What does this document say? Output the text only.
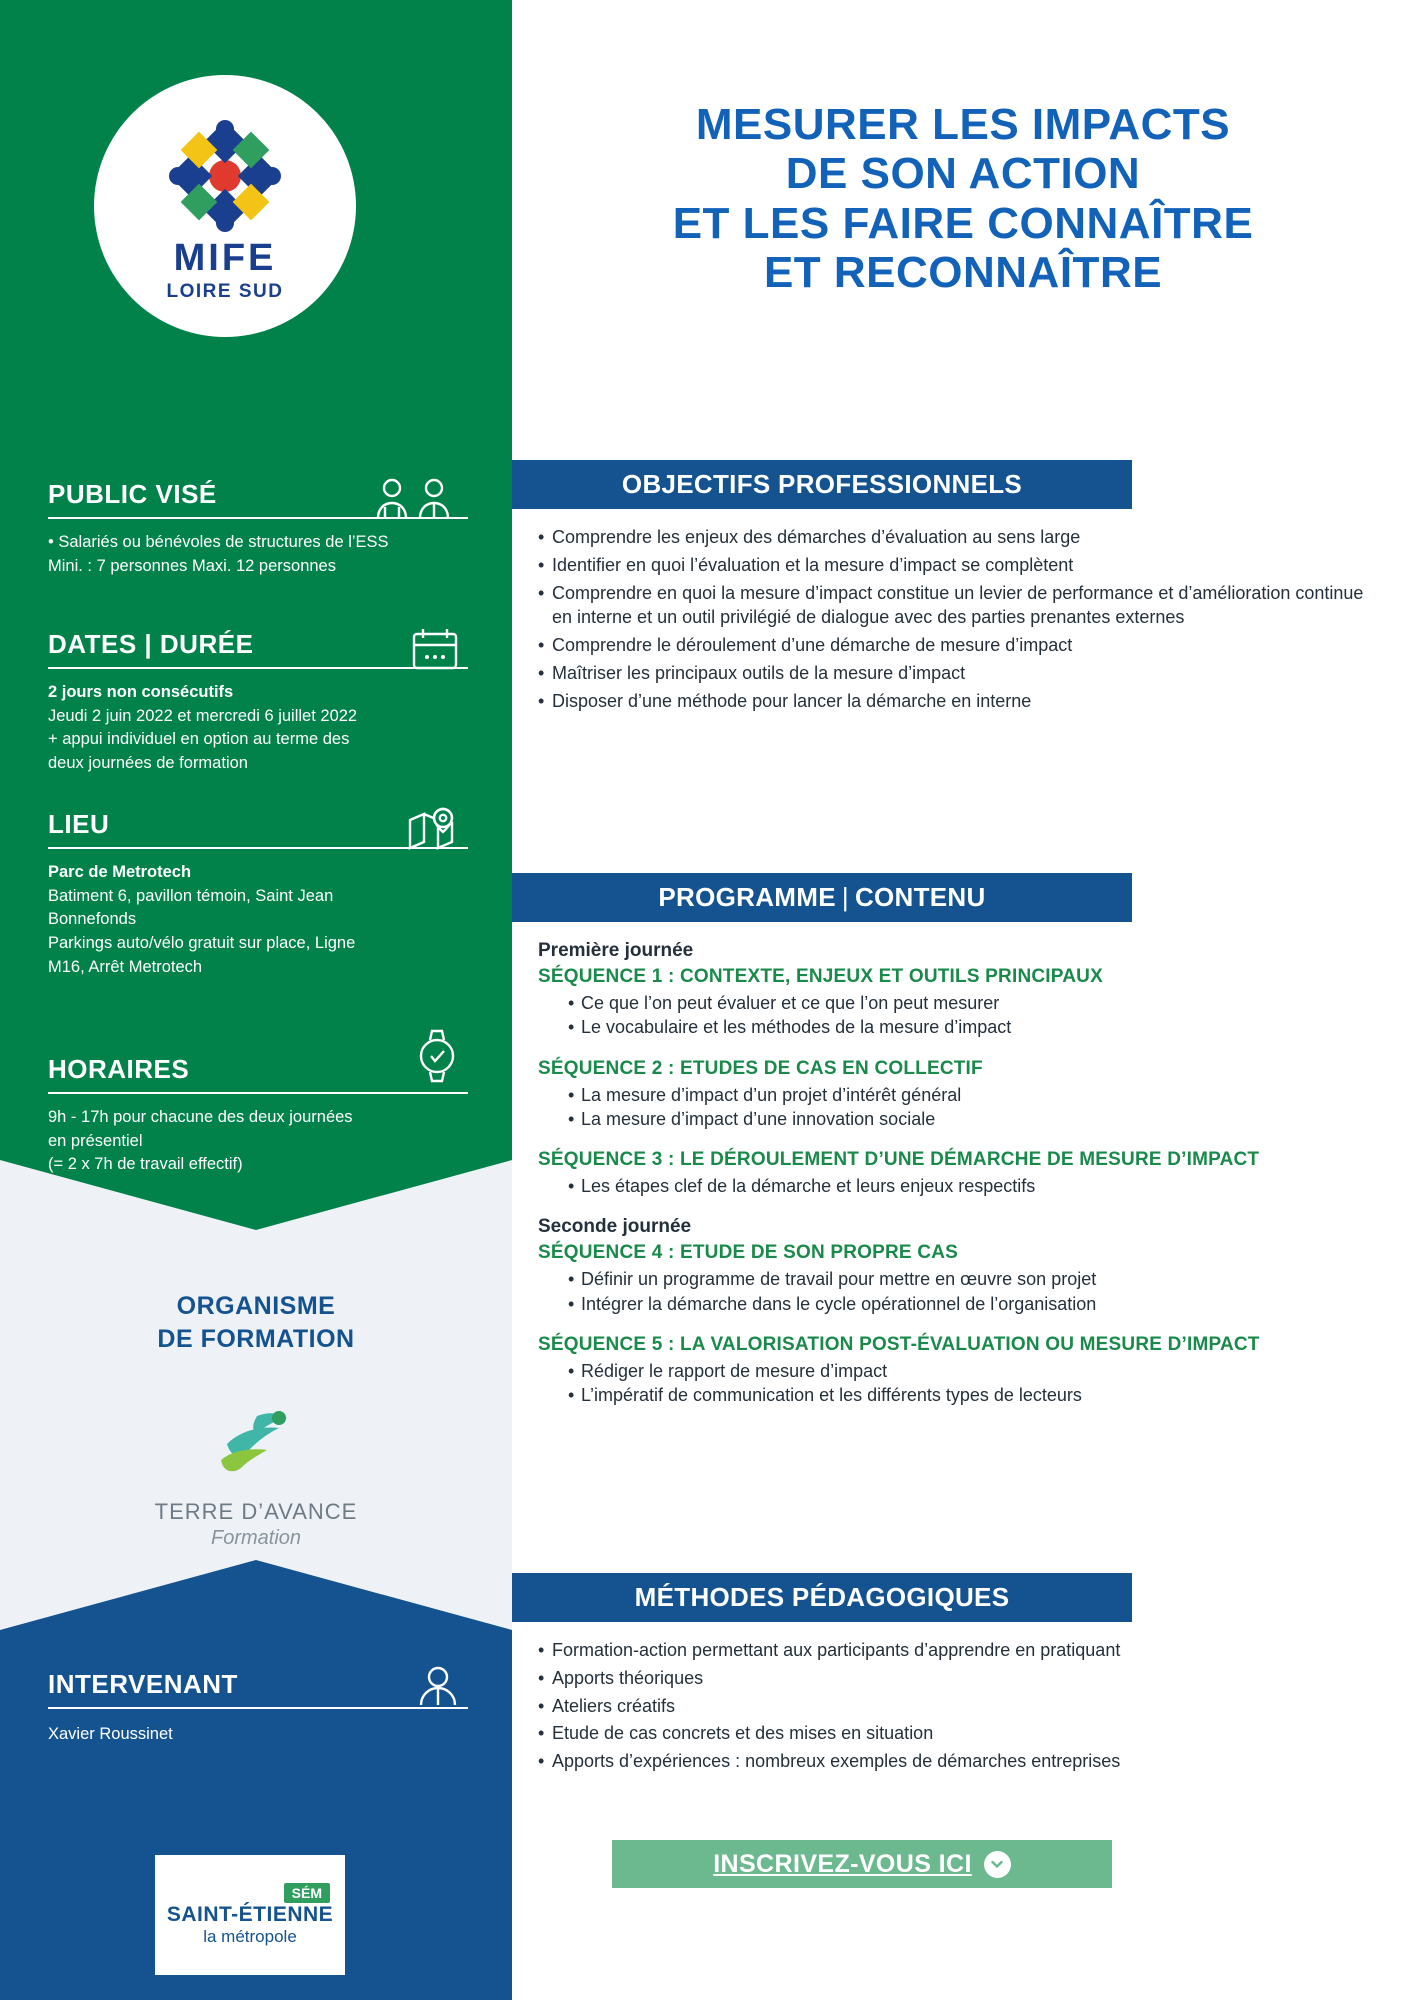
MIFE
LOIRE SUD
PUBLIC VISÉ

• Salariés ou bénévoles de structures de l’ESS

Mini. : 7 personnes Maxi. 12 personnes

DATES | DURÉE

2 jours non consécutifs

Jeudi 2 juin 2022 et mercredi 6 juillet 2022

+ appui individuel en option au terme des

deux journées de formation

LIEU

Parc de Metrotech

Batiment 6, pavillon témoin, Saint Jean

Bonnefonds

Parkings auto/vélo gratuit sur place, Ligne

M16, Arrêt Metrotech

HORAIRES

9h - 17h pour chacune des deux journées

en présentiel

(= 2 x 7h de travail effectif)

ORGANISME
DE FORMATION
TERRE D’AVANCE
Formation
INTERVENANT

Xavier Roussinet

SÉM
SAINT-ÉTIENNE
la métropole
MESURER LES IMPACTS
DE SON ACTION
ET LES FAIRE CONNAÎTRE
ET RECONNAÎTRE
OBJECTIFS PROFESSIONNELS
• Comprendre les enjeux des démarches d’évaluation au sens large
• Identifier en quoi l’évaluation et la mesure d’impact se complètent
• Comprendre en quoi la mesure d’impact constitue un levier de performance et d’amélioration continue en interne et un outil privilégié de dialogue avec des parties prenantes externes
• Comprendre le déroulement d’une démarche de mesure d’impact
• Maîtriser les principaux outils de la mesure d’impact
• Disposer d’une méthode pour lancer la démarche en interne
PROGRAMME | CONTENU
Première journée
SÉQUENCE 1 : CONTEXTE, ENJEUX ET OUTILS PRINCIPAUX
• Ce que l’on peut évaluer et ce que l’on peut mesurer
• Le vocabulaire et les méthodes de la mesure d’impact
SÉQUENCE 2 : ETUDES DE CAS EN COLLECTIF
• La mesure d’impact d’un projet d’intérêt général
• La mesure d’impact d’une innovation sociale
SÉQUENCE 3 : LE DÉROULEMENT D’UNE DÉMARCHE DE MESURE D’IMPACT
• Les étapes clef de la démarche et leurs enjeux respectifs
Seconde journée
SÉQUENCE 4 : ETUDE DE SON PROPRE CAS
• Définir un programme de travail pour mettre en œuvre son projet
• Intégrer la démarche dans le cycle opérationnel de l’organisation
SÉQUENCE 5 : LA VALORISATION POST-ÉVALUATION OU MESURE D’IMPACT
• Rédiger le rapport de mesure d’impact
• L’impératif de communication et les différents types de lecteurs
MÉTHODES PÉDAGOGIQUES
• Formation-action permettant aux participants d’apprendre en pratiquant
• Apports théoriques
• Ateliers créatifs
• Etude de cas concrets et des mises en situation
• Apports d’expériences : nombreux exemples de démarches entreprises
INSCRIVEZ-VOUS ICI
